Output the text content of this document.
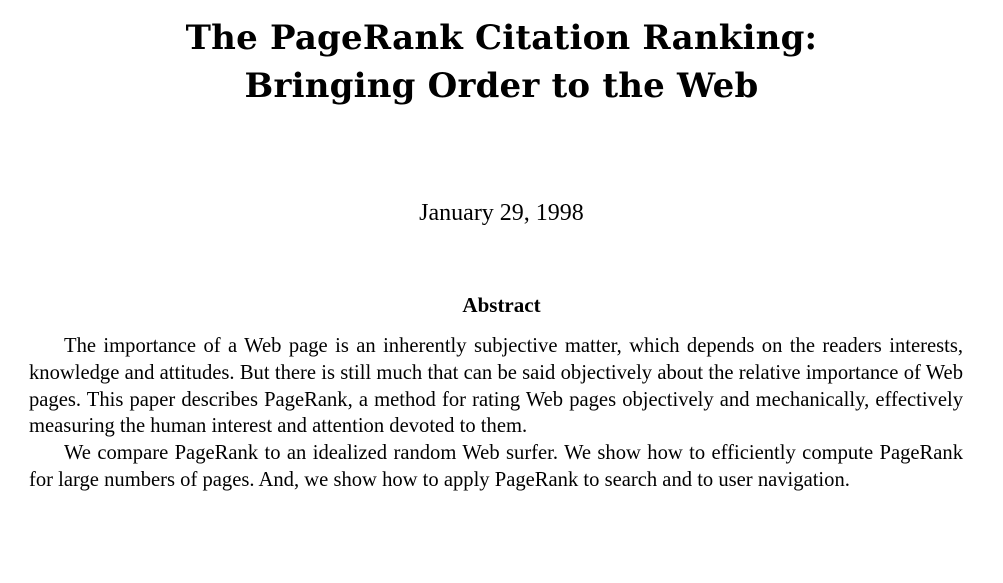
The PageRank Citation Ranking:
Bringing Order to the Web
January 29, 1998
Abstract

The importance of a Web page is an inherently subjective matter, which depends on the readers interests, knowledge and attitudes. But there is still much that can be said objectively about the relative importance of Web pages. This paper describes PageRank, a method for rating Web pages objectively and mechanically, effectively measuring the human interest and attention devoted to them.

We compare PageRank to an idealized random Web surfer. We show how to efficiently compute PageRank for large numbers of pages. And, we show how to apply PageRank to search and to user navigation.
